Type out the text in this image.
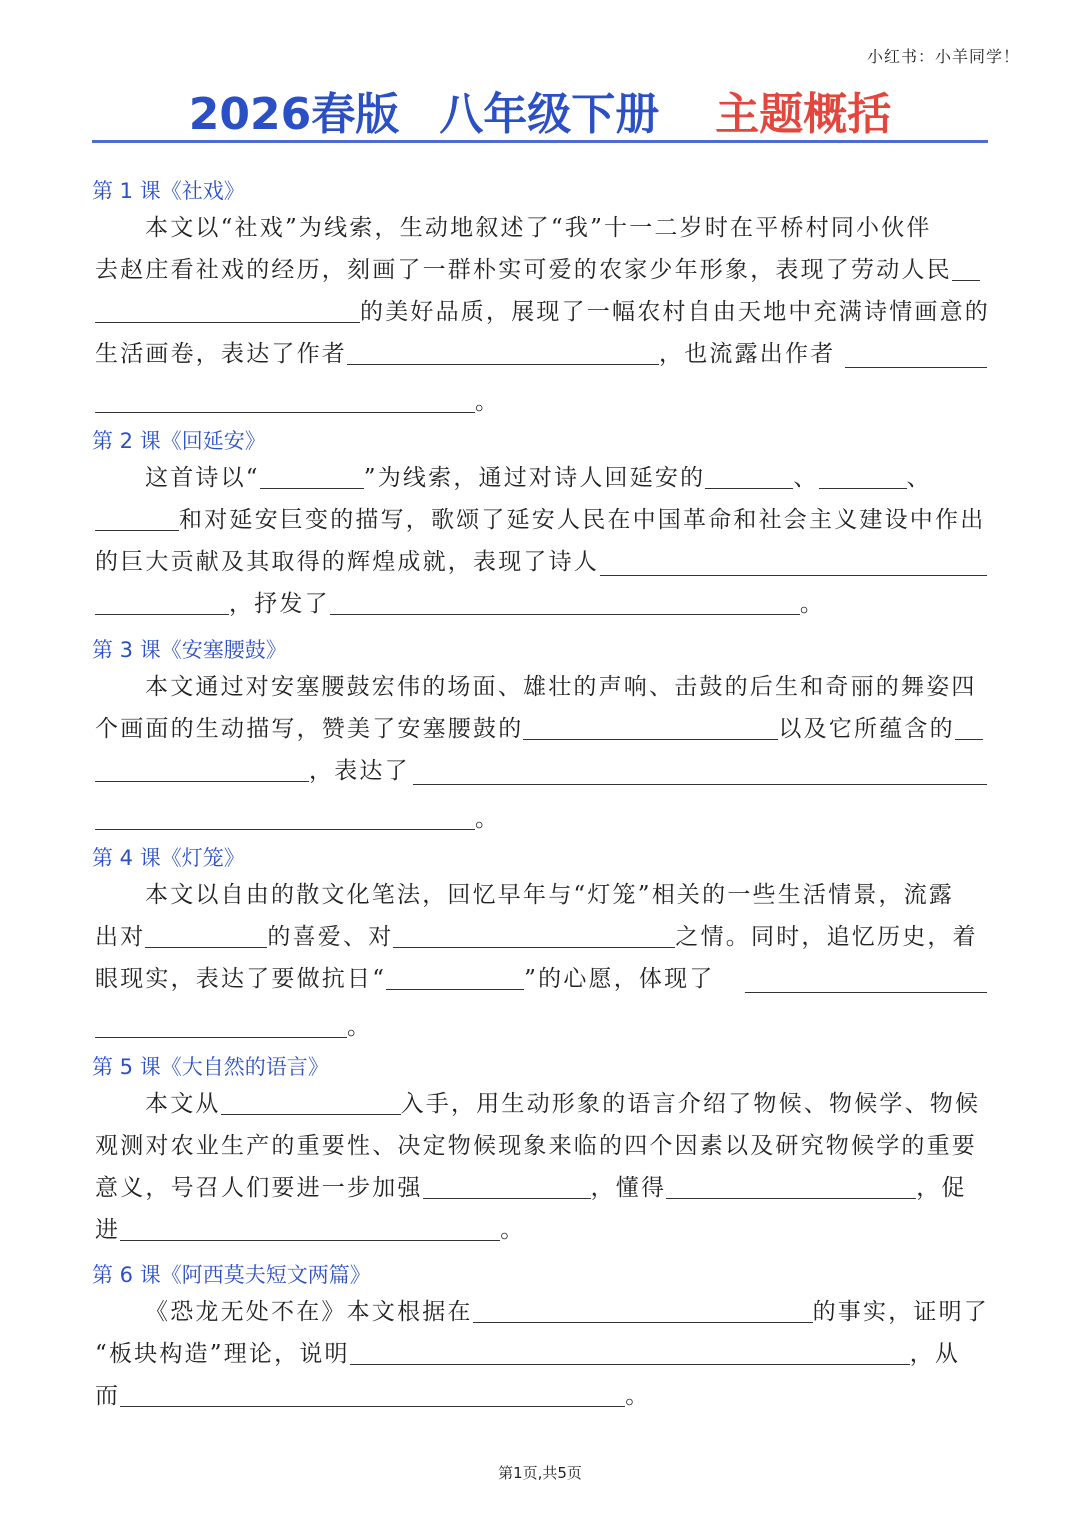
小红书：小羊同学！
2026春版 八年级下册 主题概括
第 1 课《社戏》
本文以“社戏”为线索，生动地叙述了“我”十一二岁时在平桥村同小伙伴
去赵庄看社戏的经历，刻画了一群朴实可爱的农家少年形象，表现了劳动人民
的美好品质，展现了一幅农村自由天地中充满诗情画意的
生活画卷，表达了作者	，也流露出作者
。
第 2 课《回延安》
这首诗以“	”为线索，通过对诗人回延安的	、	、
和对延安巨变的描写，歌颂了延安人民在中国革命和社会主义建设中作出
的巨大贡献及其取得的辉煌成就，表现了诗人
，抒发了	。
第 3 课《安塞腰鼓》
本文通过对安塞腰鼓宏伟的场面、雄壮的声响、击鼓的后生和奇丽的舞姿四
个画面的生动描写，赞美了安塞腰鼓的	以及它所蕴含的
，表达了
。
第 4 课《灯笼》
本文以自由的散文化笔法，回忆早年与“灯笼”相关的一些生活情景，流露
出对	的喜爱、对	之情。同时，追忆历史，着
眼现实，表达了要做抗日“	”的心愿，体现了
。
第 5 课《大自然的语言》
本文从	入手，用生动形象的语言介绍了物候、物候学、物候
观测对农业生产的重要性、决定物候现象来临的四个因素以及研究物候学的重要
意义，号召人们要进一步加强	，懂得	，促
进	。
第 6 课《阿西莫夫短文两篇》
《恐龙无处不在》本文根据在	的事实，证明了
“板块构造”理论，说明	，从
而	。
第1页,共5页
